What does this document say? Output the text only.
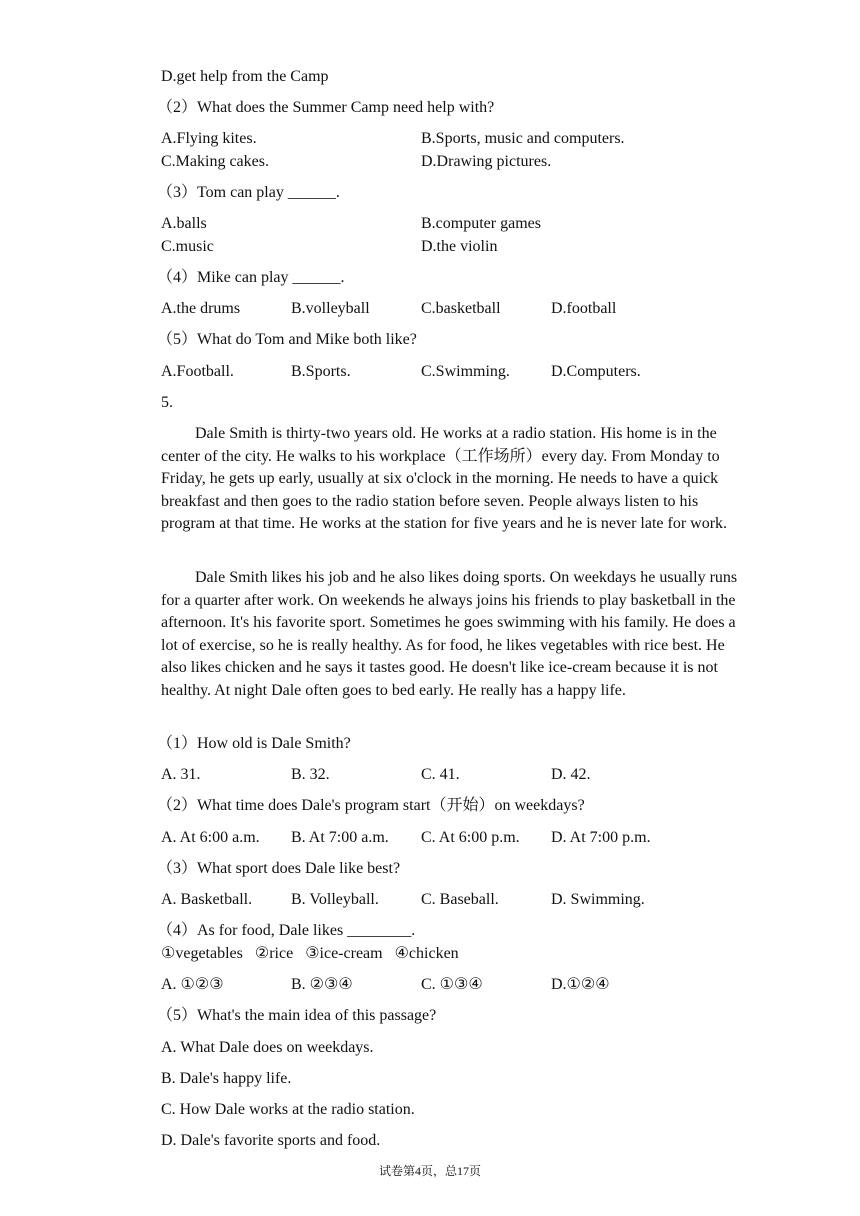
D.get help from the Camp
（2）What does the Summer Camp need help with?
A.Flying kites.	B.Sports, music and computers.
C.Making cakes.	D.Drawing pictures.
（3）Tom can play ______.
A.balls	B.computer games
C.music	D.the violin
（4）Mike can play ______.
A.the drums	B.volleyball	C.basketball	D.football
（5）What do Tom and Mike both like?
A.Football.	B.Sports.	C.Swimming.	D.Computers.
5.

Dale Smith is thirty-two years old. He works at a radio station. His home is in the center of the city. He walks to his workplace（工作场所）every day. From Monday to Friday, he gets up early, usually at six o'clock in the morning. He needs to have a quick breakfast and then goes to the radio station before seven. People always listen to his program at that time. He works at the station for five years and he is never late for work.

Dale Smith likes his job and he also likes doing sports. On weekdays he usually runs for a quarter after work. On weekends he always joins his friends to play basketball in the afternoon. It's his favorite sport. Sometimes he goes swimming with his family. He does a lot of exercise, so he is really healthy. As for food, he likes vegetables with rice best. He also likes chicken and he says it tastes good. He doesn't like ice-cream because it is not healthy. At night Dale often goes to bed early. He really has a happy life.

（1）How old is Dale Smith?
A. 31.	B. 32.	C. 41.	D. 42.
（2）What time does Dale's program start（开始）on weekdays?
A. At 6:00 a.m. B. At 7:00 a.m. C. At 6:00 p.m. D. At 7:00 p.m.
（3）What sport does Dale like best?
A. Basketball. B. Volleyball.	C. Baseball.	D. Swimming.
（4）As for food, Dale likes ________.
①vegetables   ②rice   ③ice-cream   ④chicken
A. ①②③	B. ②③④	C. ①③④	D.①②④
（5）What's the main idea of this passage?
A. What Dale does on weekdays.
B. Dale's happy life.
C. How Dale works at the radio station.
D. Dale's favorite sports and food.
试卷第4页，总17页
